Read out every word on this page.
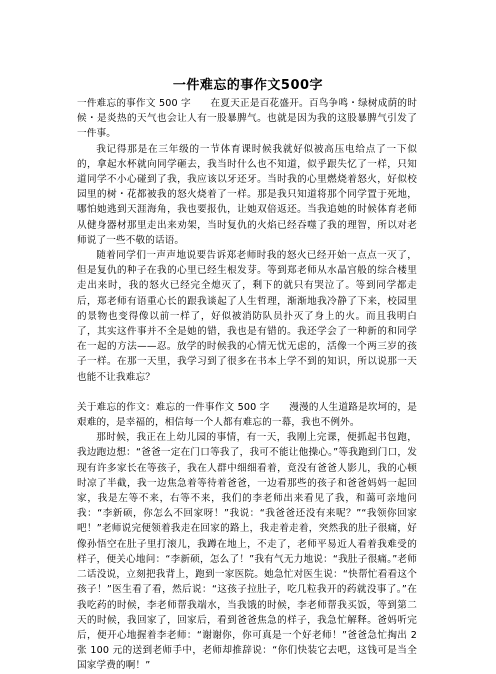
一件难忘的事作文500字

一件难忘的事作文 500 字　　在夏天正是百花盛开。百鸟争鸣・绿树成荫的时候・是炎热的天气也会让人有一股暴脾气。也就是因为我的这股暴脾气引发了一件事。

我记得那是在三年级的一节体育课时候我就好似被高压电给点了一下似的，拿起水杯就向同学砸去，我当时什么也不知道，似乎跟失忆了一样，只知道同学不小心碰到了我，我应该以牙还牙。当时我的心里燃烧着怒火，好似校园里的树・花都被我的怒火烧着了一样。那是我只知道将那个同学置于死地，哪怕她逃到天涯海角，我也要报仇，让她双倍返还。当我追她的时候体育老师从健身器材那里走出来劝架，当时复仇的火焰已经吞噬了我的理智，所以对老师说了一些不敬的话语。

随着同学们一声声地说要告诉郑老师时我的怒火已经开始一点点一灭了，但是复仇的种子在我的心里已经生根发芽。等到郑老师从水晶宫般的综合楼里走出来时，我的怒火已经完全熄灭了，剩下的就只有哭泣了。等到同学都走后，郑老师有语重心长的跟我谈起了人生哲理，渐渐地我冷静了下来，校园里的景物也变得像以前一样了，好似被消防队员扑灭了身上的火。而且我明白了，其实这件事并不全是她的错，我也是有错的。我还学会了一种新的和同学在一起的方法——忍。放学的时候我的心情无忧无虑的，活像一个两三岁的孩子一样。在那一天里，我学习到了很多在书本上学不到的知识，所以说那一天也能不让我难忘？

关于难忘的作文：难忘的一件事作文 500 字　　漫漫的人生道路是坎坷的，是艰难的，是幸福的，相信每一个人都有难忘的一幕，我也不例外。

那时候，我正在上幼儿园的事情，有一天，我刚上完课，便抓起书包跑，我边跑边想：“爸爸一定在门口等我了，我可不能让他操心。”等我跑到门口，发现有许多家长在等孩子，我在人群中细细看着，竟没有爸爸人影儿，我的心顿时凉了半截，我一边焦急着等待着爸爸，一边看那些的孩子和爸爸妈妈一起回家，我是左等不来，右等不来，我们的李老师出来看见了我，和蔼可亲地问我：“李新硕，你怎么不回家呀！”我说：“我爸爸还没有来呢？”“我领你回家吧！”老师说完便领着我走在回家的路上，我走着走着，突然我的肚子很痛，好像孙悟空在肚子里打滚儿，我蹲在地上，不走了，老师平易近人看着我难受的样子，便关心地问：“李新硕，怎么了！”我有气无力地说：“我肚子很痛。”老师二话没说，立刻把我背上，跑到一家医院。她急忙对医生说：“快帮忙看看这个孩子！”医生看了看，然后说：“这孩子拉肚子，吃几粒我开的药就没事了。”在我吃药的时候，李老师帮我端水，当我饿的时候，李老师帮我买饭，等到第二天的时候，我回家了，回家后，看到爸爸焦急的样子，我急忙解释。爸妈听完后，便开心地握着李老师：“谢谢你，你可真是一个好老师！”爸爸急忙掏出 2 张 100 元的送到老师手中，老师却推辞说：“你们快装它去吧，这钱可是当全国家学费的啊！”
